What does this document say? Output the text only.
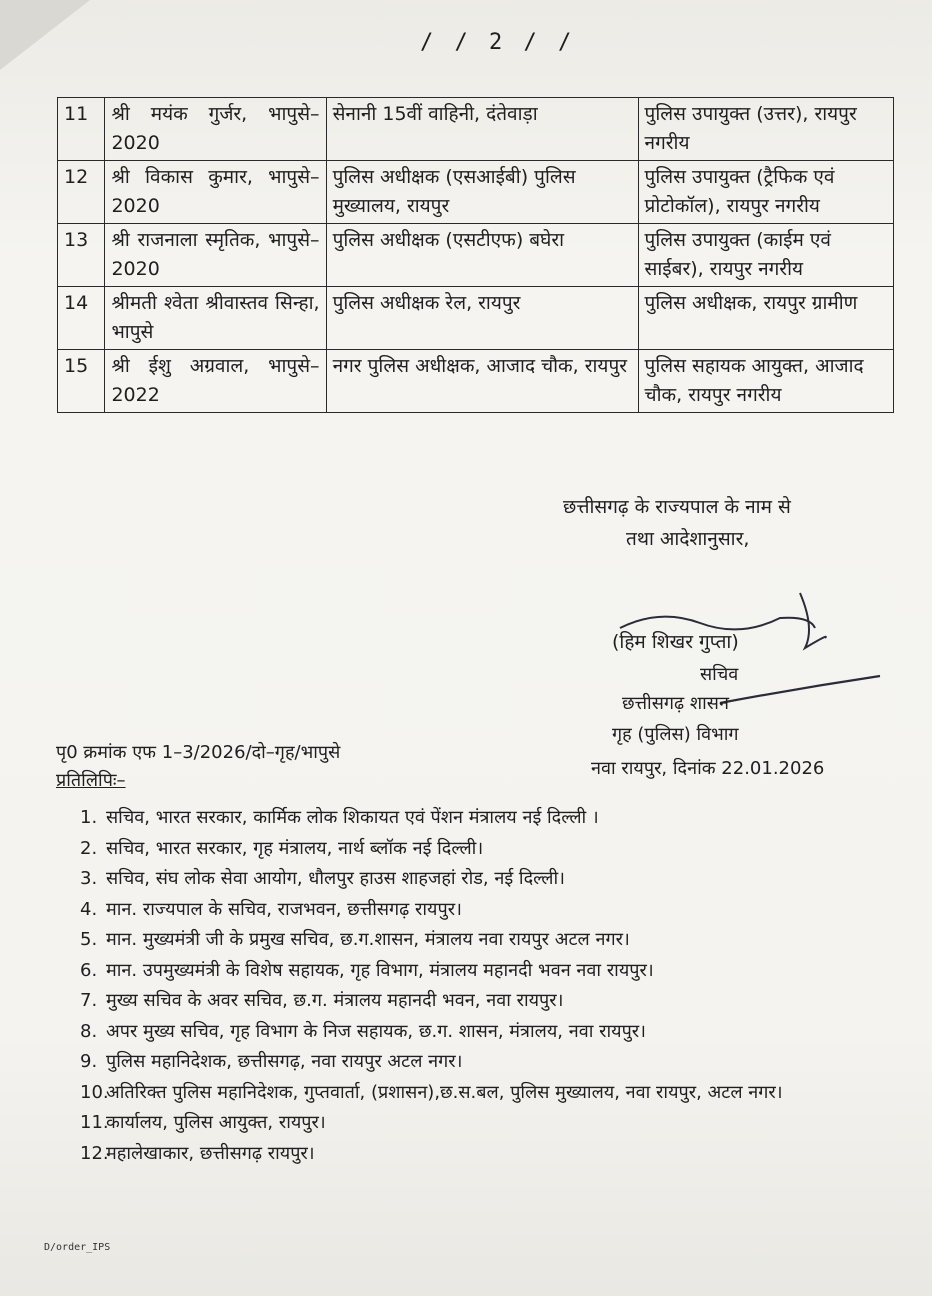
/ / 2 / /
11	श्री मयंक गुर्जर, भापुसे–2020	सेनानी 15वीं वाहिनी, दंतेवाड़ा	पुलिस उपायुक्त (उत्तर), रायपुर नगरीय
12	श्री विकास कुमार, भापुसे–2020	पुलिस अधीक्षक (एसआईबी) पुलिस मुख्यालय, रायपुर	पुलिस उपायुक्त (ट्रैफिक एवं प्रोटोकॉल), रायपुर नगरीय
13	श्री राजनाला स्मृतिक, भापुसे–2020	पुलिस अधीक्षक (एसटीएफ) बघेरा	पुलिस उपायुक्त (काईम एवं साईबर), रायपुर नगरीय
14	श्रीमती श्वेता श्रीवास्तव सिन्हा, भापुसे	पुलिस अधीक्षक रेल, रायपुर	पुलिस अधीक्षक, रायपुर ग्रामीण
15	श्री ईशु अग्रवाल, भापुसे–2022	नगर पुलिस अधीक्षक, आजाद चौक, रायपुर	पुलिस सहायक आयुक्त, आजाद चौक, रायपुर नगरीय
छत्तीसगढ़ के राज्यपाल के नाम से
तथा आदेशानुसार,
(हिम शिखर गुप्ता)
सचिव
छत्तीसगढ़ शासन
गृह (पुलिस) विभाग
नवा रायपुर, दिनांक 22.01.2026
पृ0 क्रमांक एफ 1–3/2026/दो–गृह/भापुसे
प्रतिलिपिः–
1. सचिव, भारत सरकार, कार्मिक लोक शिकायत एवं पेंशन मंत्रालय नई दिल्ली ।
2. सचिव, भारत सरकार, गृह मंत्रालय, नार्थ ब्लॉक नई दिल्ली।
3. सचिव, संघ लोक सेवा आयोग, धौलपुर हाउस शाहजहां रोड, नई दिल्ली।
4. मान. राज्यपाल के सचिव, राजभवन, छत्तीसगढ़ रायपुर।
5. मान. मुख्यमंत्री जी के प्रमुख सचिव, छ.ग.शासन, मंत्रालय नवा रायपुर अटल नगर।
6. मान. उपमुख्यमंत्री के विशेष सहायक, गृह विभाग, मंत्रालय महानदी भवन नवा रायपुर।
7. मुख्य सचिव के अवर सचिव, छ.ग. मंत्रालय महानदी भवन, नवा रायपुर।
8. अपर मुख्य सचिव, गृह विभाग के निज सहायक, छ.ग. शासन, मंत्रालय, नवा रायपुर।
9. पुलिस महानिदेशक, छत्तीसगढ़, नवा रायपुर अटल नगर।
10.
अतिरिक्त पुलिस महानिदेशक, गुप्तवार्ता, (प्रशासन),छ.स.बल, पुलिस मुख्यालय, नवा रायपुर, अटल नगर।
11.
कार्यालय, पुलिस आयुक्त, रायपुर।
12.
महालेखाकार, छत्तीसगढ़ रायपुर।
D/order_IPS
